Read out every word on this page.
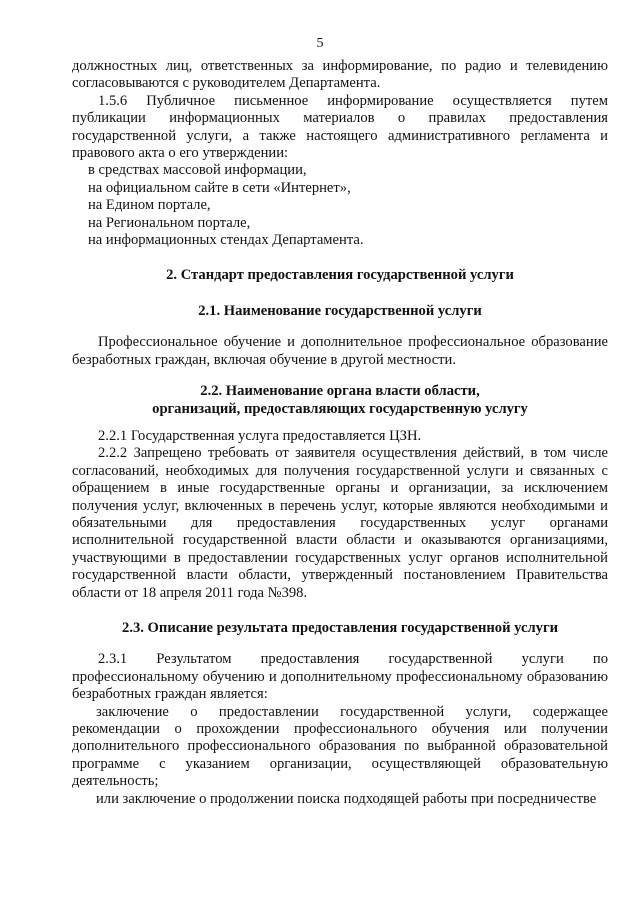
5

должностных лиц, ответственных за информирование, по радио и телевидению согласовываются с руководителем Департамента.

1.5.6 Публичное письменное информирование осуществляется путем публикации информационных материалов о правилах предоставления государственной услуги, а также настоящего административного регламента и правового акта о его утверждении:

в средствах массовой информации,

на официальном сайте в сети «Интернет»,

на Едином портале,

на Региональном портале,

на информационных стендах Департамента.

2. Стандарт предоставления государственной услуги
2.1. Наименование государственной услуги

Профессиональное обучение и дополнительное профессиональное образование безработных граждан, включая обучение в другой местности.

2.2. Наименование органа власти области,
организаций, предоставляющих государственную услугу

2.2.1 Государственная услуга предоставляется ЦЗН.

2.2.2 Запрещено требовать от заявителя осуществления действий, в том числе согласований, необходимых для получения государственной услуги и связанных с обращением в иные государственные органы и организации, за исключением получения услуг, включенных в перечень услуг, которые являются необходимыми и обязательными для предоставления государственных услуг органами исполнительной государственной власти области и оказываются организациями, участвующими в предоставлении государственных услуг органов исполнительной государственной власти области, утвержденный постановлением Правительства области от 18 апреля 2011 года №398.

2.3. Описание результата предоставления государственной услуги

2.3.1 Результатом предоставления государственной услуги по профессиональному обучению и дополнительному профессиональному образованию безработных граждан является:

заключение о предоставлении государственной услуги, содержащее рекомендации о прохождении профессионального обучения или получении дополнительного профессионального образования по выбранной образовательной программе с указанием организации, осуществляющей образовательную деятельность;

или заключение о продолжении поиска подходящей работы при посредничестве
